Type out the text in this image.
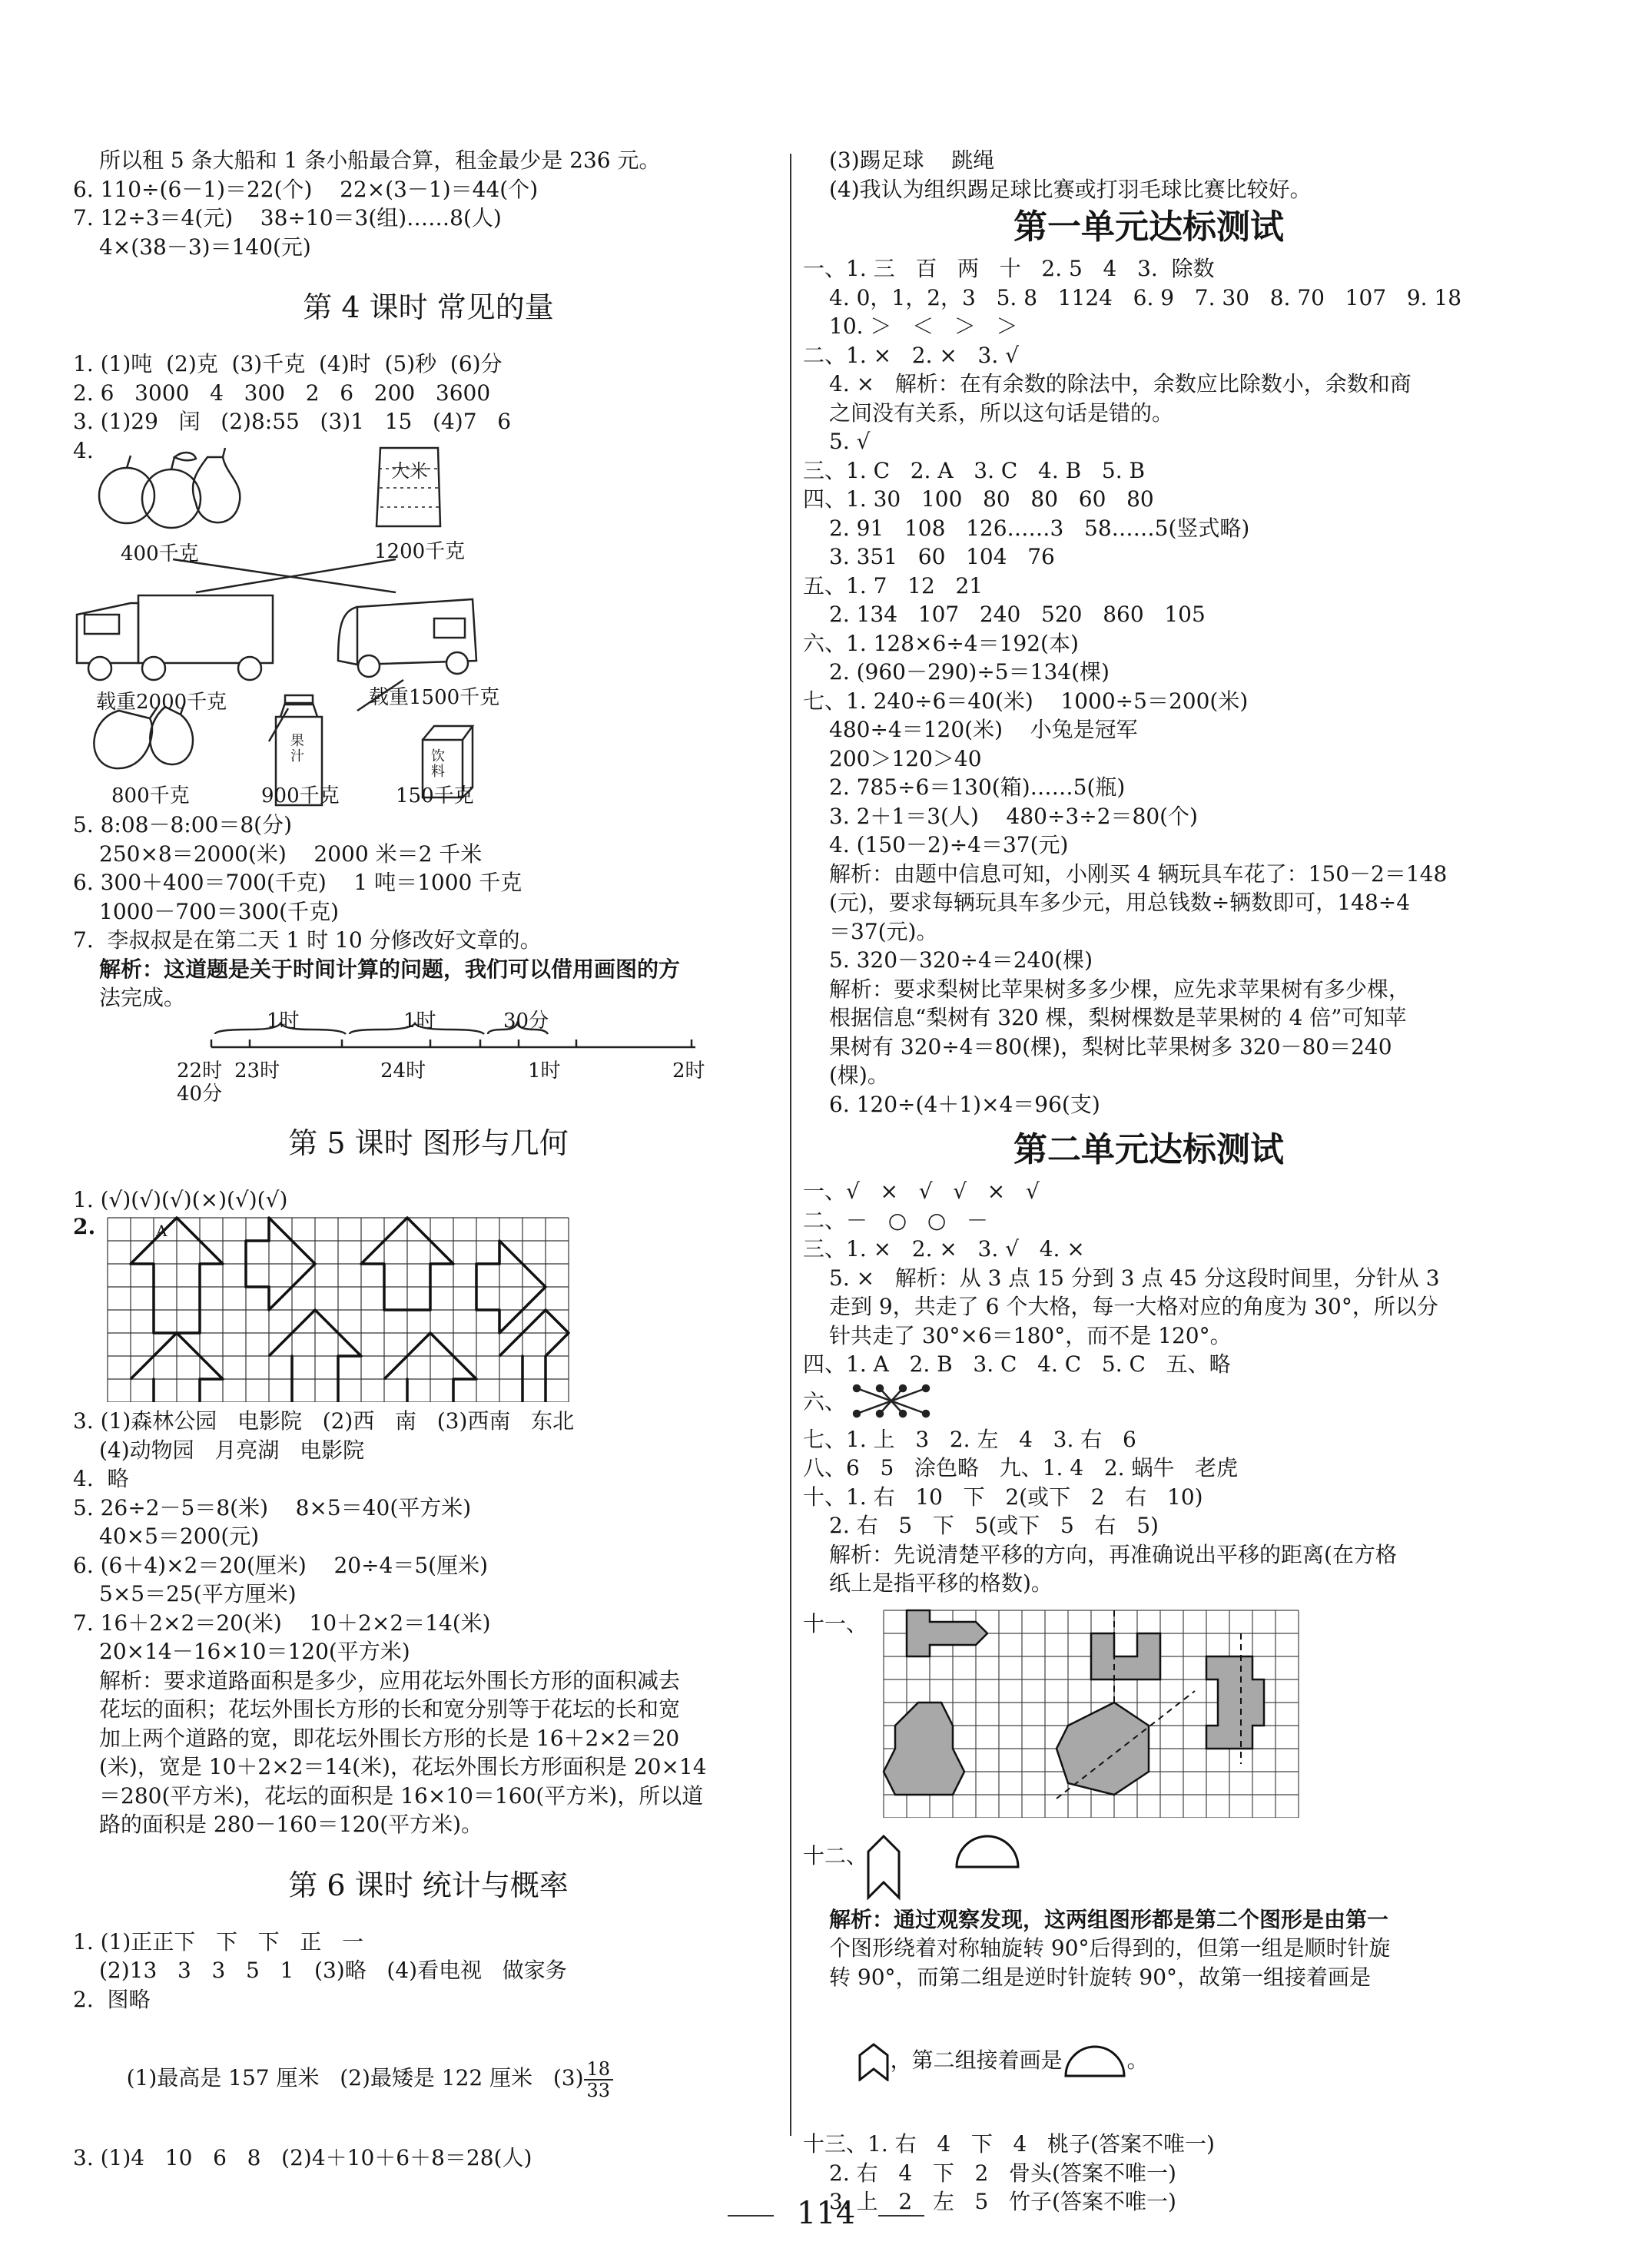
所以租 5 条大船和 1 条小船最合算，租金最少是 236 元。
6. 110÷(6－1)＝22(个)    22×(3－1)＝44(个)
7. 12÷3＝4(元)    38÷10＝3(组)……8(人)
4×(38－3)＝140(元)
第 4 课时 常见的量
1. (1)吨  (2)克  (3)千克  (4)时  (5)秒  (6)分
2. 6   3000   4   300   2   6   200   3600
3. (1)29   闰   (2)8:55   (3)1   15   (4)7   6
4.
大米
400千克	1200千克
载重2000千克	载重1500千克
果汁	饮料
800千克	900千克	150千克
5. 8:08－8:00＝8(分)
250×8＝2000(米)    2000 米＝2 千米
6. 300＋400＝700(千克)    1 吨＝1000 千克
1000－700＝300(千克)
7.  李叔叔是在第二天 1 时 10 分修改好文章的。
解析：这道题是关于时间计算的问题，我们可以借用画图的方
法完成。
1时	1时	30分
22时
40分
23时	24时	1时	2时
第 5 课时 图形与几何
1. (√)(√)(√)(×)(√)(√)
2.	A
3. (1)森林公园   电影院   (2)西   南   (3)西南   东北
(4)动物园   月亮湖   电影院
4.  略
5. 26÷2－5＝8(米)    8×5＝40(平方米)
40×5＝200(元)
6. (6＋4)×2＝20(厘米)    20÷4＝5(厘米)
5×5＝25(平方厘米)
7. 16＋2×2＝20(米)    10＋2×2＝14(米)
20×14－16×10＝120(平方米)
解析：要求道路面积是多少，应用花坛外围长方形的面积减去
花坛的面积；花坛外围长方形的长和宽分别等于花坛的长和宽
加上两个道路的宽，即花坛外围长方形的长是 16＋2×2＝20
(米)，宽是 10＋2×2＝14(米)，花坛外围长方形面积是 20×14
＝280(平方米)，花坛的面积是 16×10＝160(平方米)，所以道
路的面积是 280－160＝120(平方米)。
第 6 课时 统计与概率
1. (1)正正下   下   下   正   一
(2)13   3   3   5   1   (3)略   (4)看电视   做家务
2.  图略

(1)最高是 157 厘米   (2)最矮是 122 厘米   $(3) \frac{18}{33}$

3. (1)4   10   6   8   (2)4＋10＋6＋8＝28(人)
(3)踢足球    跳绳
(4)我认为组织踢足球比赛或打羽毛球比赛比较好。
第一单元达标测试
一、1. 三   百   两   十   2. 5   4   3.  除数
4. 0，1，2，3   5. 8   1124   6. 9   7. 30   8. 70   107   9. 18
10. ＞   ＜   ＞   ＞
二、1. ×   2. ×   3. √
4. ×   解析：在有余数的除法中，余数应比除数小，余数和商
之间没有关系，所以这句话是错的。
5. √
三、1. C   2. A   3. C   4. B   5. B
四、1. 30   100   80   80   60   80
2. 91   108   126……3   58……5(竖式略)
3. 351   60   104   76
五、1. 7   12   21
2. 134   107   240   520   860   105
六、1. 128×6÷4＝192(本)
2. (960－290)÷5＝134(棵)
七、1. 240÷6＝40(米)    1000÷5＝200(米)
480÷4＝120(米)    小兔是冠军
200＞120＞40
2. 785÷6＝130(箱)……5(瓶)
3. 2＋1＝3(人)    480÷3÷2＝80(个)
4. (150－2)÷4＝37(元)
解析：由题中信息可知，小刚买 4 辆玩具车花了：150－2＝148
(元)，要求每辆玩具车多少元，用总钱数÷辆数即可，148÷4
＝37(元)。
5. 320－320÷4＝240(棵)
解析：要求梨树比苹果树多多少棵，应先求苹果树有多少棵，
根据信息“梨树有 320 棵，梨树棵数是苹果树的 4 倍”可知苹
果树有 320÷4＝80(棵)，梨树比苹果树多 320－80＝240
(棵)。
6. 120÷(4＋1)×4＝96(支)
第二单元达标测试
一、√   ×   √   √   ×   √
二、－   ○   ○   －
三、1. ×   2. ×   3. √   4. ×
5. ×   解析：从 3 点 15 分到 3 点 45 分这段时间里，分针从 3
走到 9，共走了 6 个大格，每一大格对应的角度为 30°，所以分
针共走了 30°×6＝180°，而不是 120°。
四、1. A   2. B   3. C   4. C   5. C   五、略
六、
七、1. 上   3   2. 左   4   3. 右   6
八、6   5   涂色略   九、1. 4   2. 蜗牛   老虎
十、1. 右   10   下   2(或下   2   右   10)
2. 右   5   下   5(或下   5   右   5)
解析：先说清楚平移的方向，再准确说出平移的距离(在方格
纸上是指平移的格数)。
十一、
十二、
解析：通过观察发现，这两组图形都是第二个图形是由第一
个图形绕着对称轴旋转 90°后得到的，但第一组是顺时针旋
转 90°，而第二组是逆时针旋转 90°，故第一组接着画是

，第二组接着画是	。

十三、1. 右   4   下   4   桃子(答案不唯一)
2. 右   4   下   2   骨头(答案不唯一)
3. 上   2   左   5   竹子(答案不唯一)
114
